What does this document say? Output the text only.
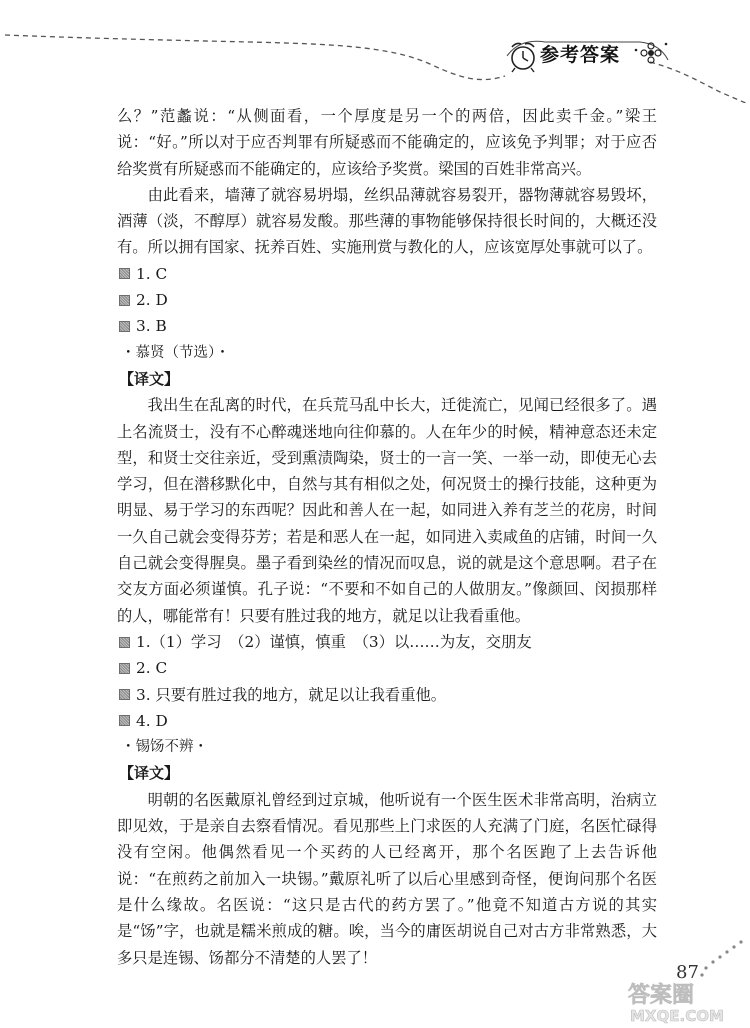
参考答案

么？”范蠡说：“从侧面看，一个厚度是另一个的两倍，因此卖千金。”梁王说：“好。”所以对于应否判罪有所疑惑而不能确定的，应该免予判罪；对于应否给奖赏有所疑惑而不能确定的，应该给予奖赏。梁国的百姓非常高兴。

由此看来，墙薄了就容易坍塌，丝织品薄就容易裂开，器物薄就容易毁坏，酒薄（淡，不醇厚）就容易发酸。那些薄的事物能够保持很长时间的，大概还没有。所以拥有国家、抚养百姓、实施刑赏与教化的人，应该宽厚处事就可以了。

1. C
2. D
3. B
・慕贤（节选）・
【译文】

我出生在乱离的时代，在兵荒马乱中长大，迁徙流亡，见闻已经很多了。遇上名流贤士，没有不心醉魂迷地向往仰慕的。人在年少的时候，精神意态还未定型，和贤士交往亲近，受到熏渍陶染，贤士的一言一笑、一举一动，即使无心去学习，但在潜移默化中，自然与其有相似之处，何况贤士的操行技能，这种更为明显、易于学习的东西呢？因此和善人在一起，如同进入养有芝兰的花房，时间一久自己就会变得芬芳；若是和恶人在一起，如同进入卖咸鱼的店铺，时间一久自己就会变得腥臭。墨子看到染丝的情况而叹息，说的就是这个意思啊。君子在交友方面必须谨慎。孔子说：“不要和不如自己的人做朋友。”像颜回、闵损那样的人，哪能常有！只要有胜过我的地方，就足以让我看重他。

1.（1）学习　（2）谨慎，慎重　（3）以……为友，交朋友
2. C
3. 只要有胜过我的地方，就足以让我看重他。
4. D
・锡饧不辨・
【译文】

明朝的名医戴原礼曾经到过京城，他听说有一个医生医术非常高明，治病立即见效，于是亲自去察看情况。看见那些上门求医的人充满了门庭，名医忙碌得没有空闲。他偶然看见一个买药的人已经离开，那个名医跑了上去告诉他说：“在煎药之前加入一块锡。”戴原礼听了以后心里感到奇怪，便询问那个名医是什么缘故。名医说：“这只是古代的药方罢了。”他竟不知道古方说的其实是“饧”字，也就是糯米煎成的糖。唉，当今的庸医胡说自己对古方非常熟悉，大多只是连锡、饧都分不清楚的人罢了！

87
答案圈
MXQE.COM
